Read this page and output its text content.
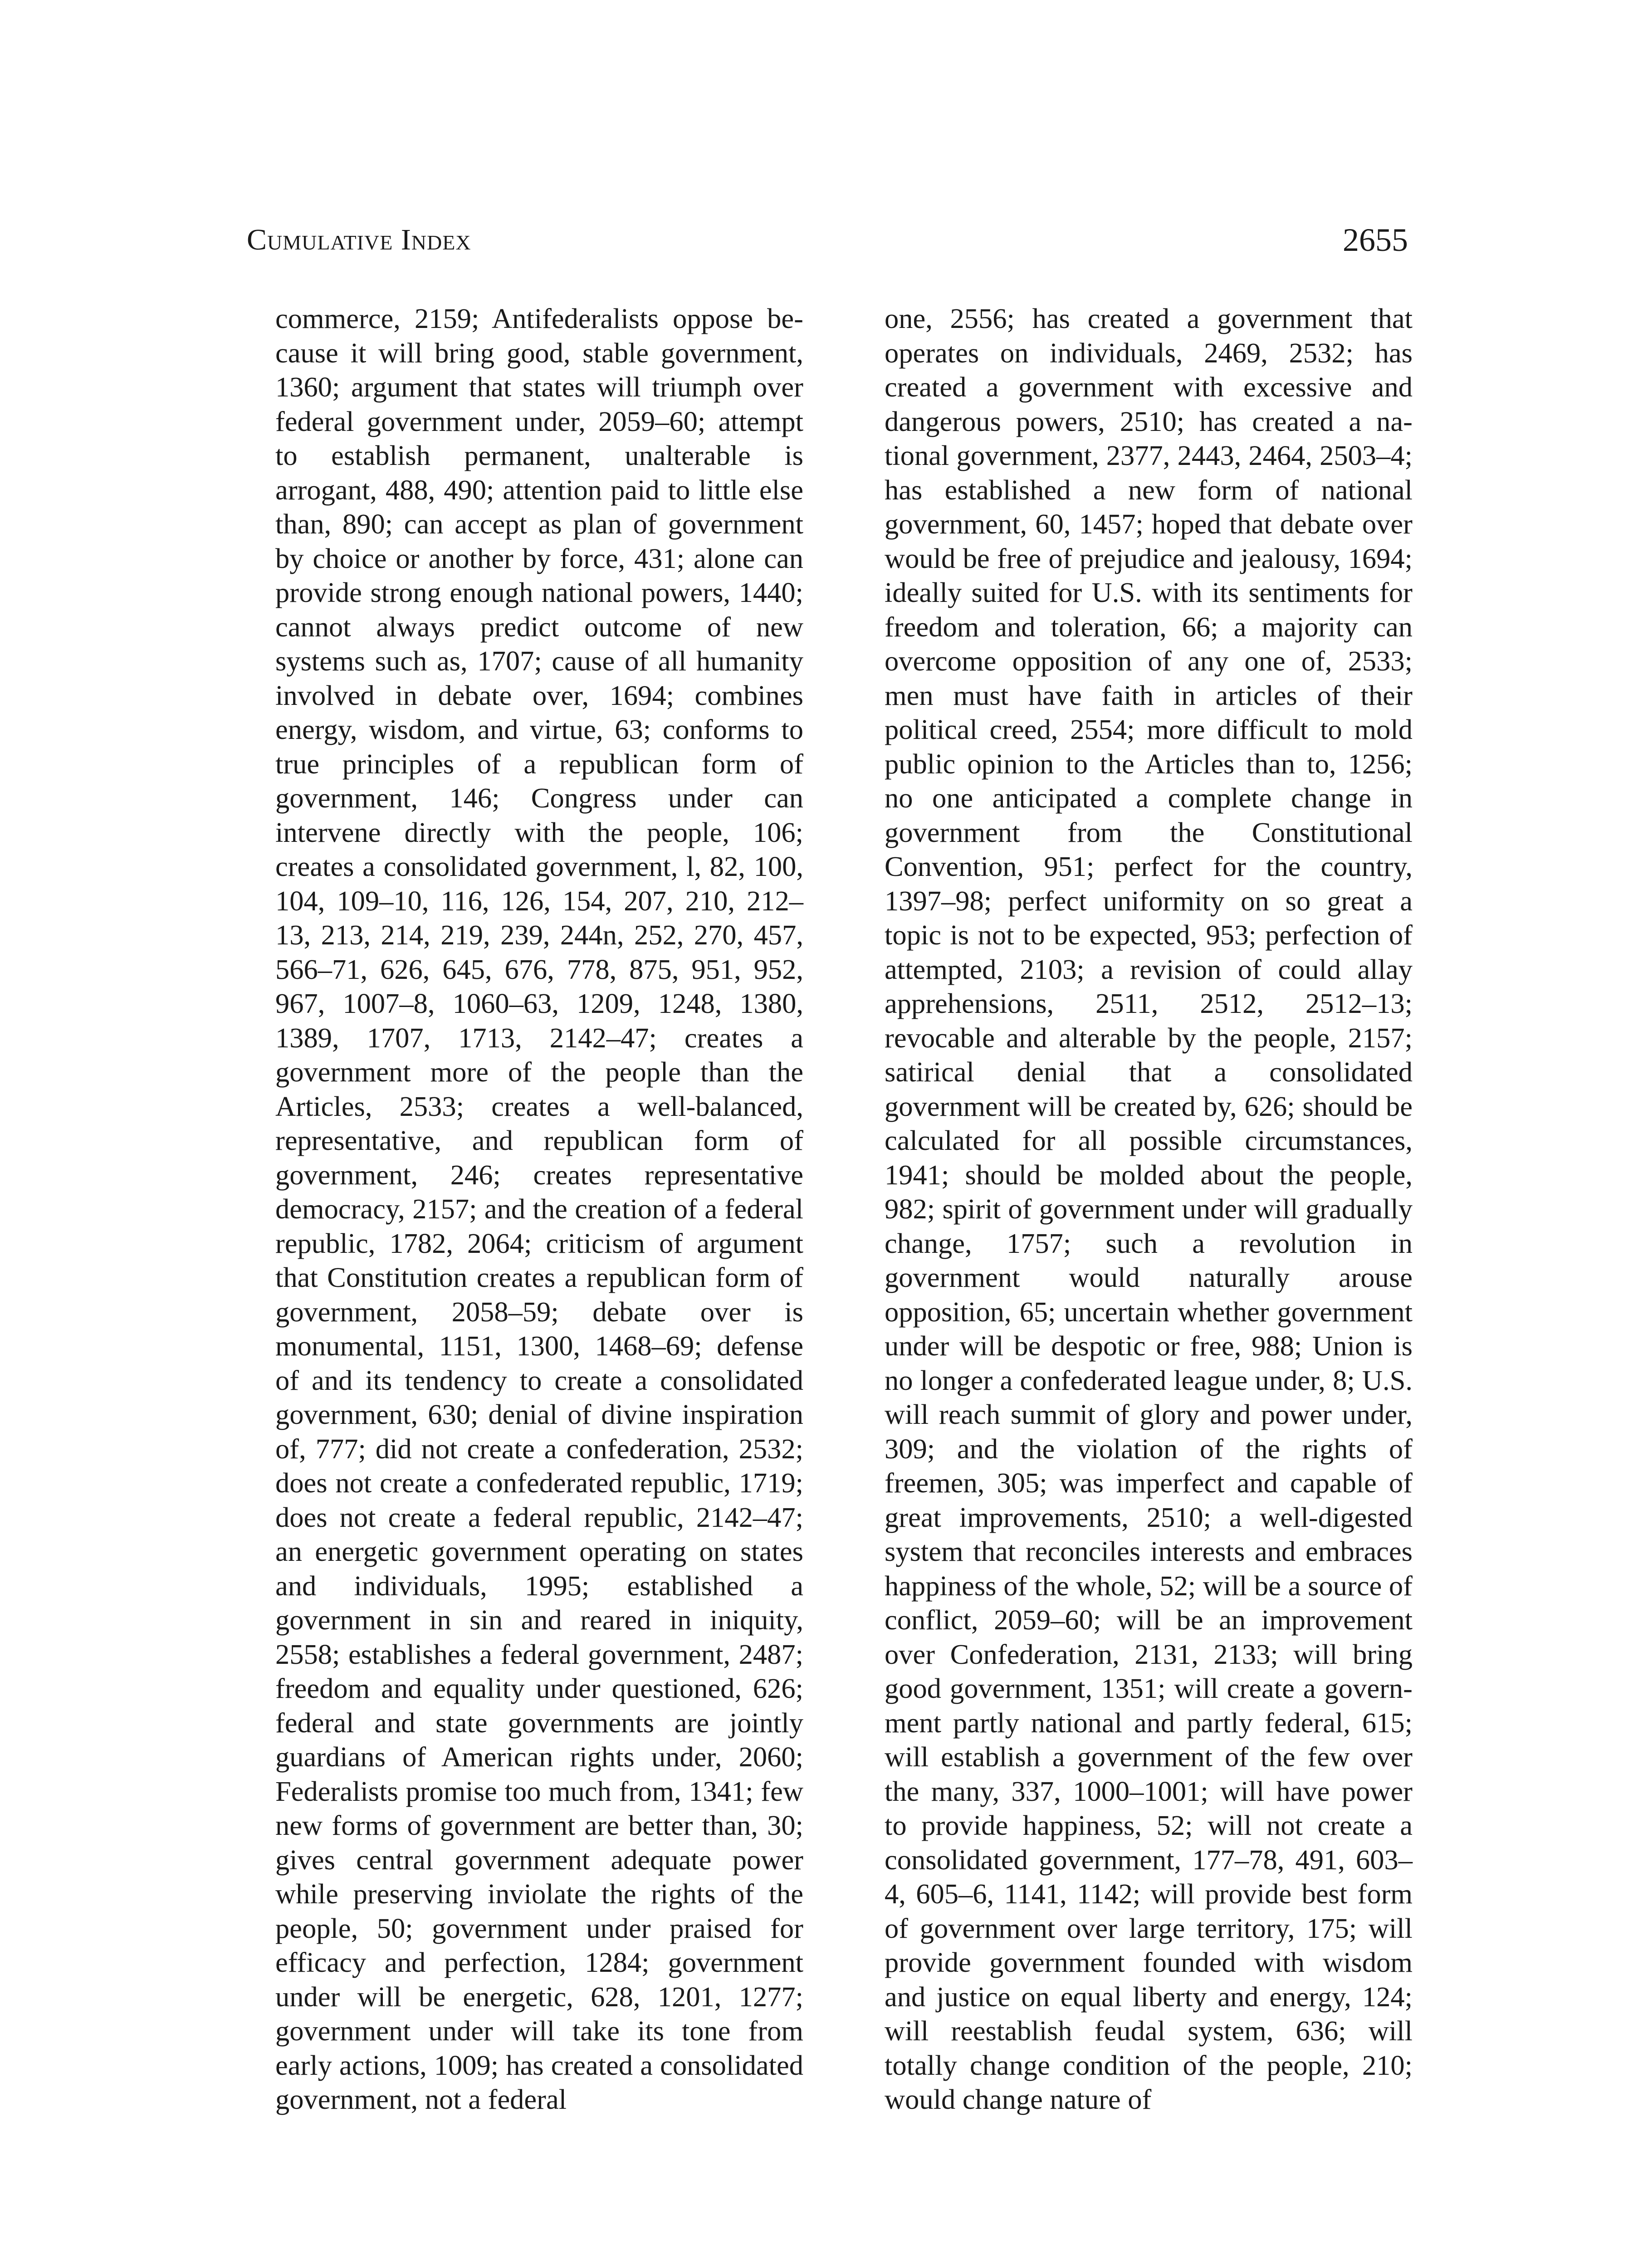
Cumulative Index	2655

commerce, 2159; Antifederalists oppose because it will bring good, stable government, 1360; argument that states will triumph over federal government under, 2059–60; attempt to establish permanent, unalterable is arrogant, 488, 490; attention paid to little else than, 890; can accept as plan of government by choice or another by force, 431; alone can provide strong enough national powers, 1440; cannot always predict outcome of new systems such as, 1707; cause of all humanity involved in debate over, 1694; combines energy, wisdom, and virtue, 63; conforms to true principles of a republican form of government, 146; Congress under can intervene directly with the people, 106; creates a consolidated government, l, 82, 100, 104, 109–10, 116, 126, 154, 207, 210, 212–13, 213, 214, 219, 239, 244n, 252, 270, 457, 566–71, 626, 645, 676, 778, 875, 951, 952, 967, 1007–8, 1060–63, 1209, 1248, 1380, 1389, 1707, 1713, 2142–47; creates a government more of the people than the Articles, 2533; creates a well-balanced, representative, and republican form of government, 246; creates representative democracy, 2157; and the creation of a federal republic, 1782, 2064; criticism of argument that Constitution creates a republican form of government, 2058–59; debate over is monumental, 1151, 1300, 1468–69; defense of and its tendency to create a consolidated government, 630; denial of divine inspiration of, 777; did not create a confederation, 2532; does not create a confederated republic, 1719; does not create a federal republic, 2142–47; an energetic government operating on states and individuals, 1995; established a government in sin and reared in iniquity, 2558; establishes a federal government, 2487; freedom and equality under questioned, 626; federal and state governments are jointly guardians of American rights under, 2060; Federalists promise too much from, 1341; few new forms of government are better than, 30; gives central government adequate power while preserving inviolate the rights of the people, 50; government under praised for efficacy and perfection, 1284; government under will be energetic, 628, 1201, 1277; government under will take its tone from early actions, 1009; has created a consolidated government, not a federal

one, 2556; has created a government that operates on individuals, 2469, 2532; has created a government with excessive and dangerous powers, 2510; has created a national government, 2377, 2443, 2464, 2503–4; has established a new form of national government, 60, 1457; hoped that debate over would be free of prejudice and jealousy, 1694; ideally suited for U.S. with its sentiments for freedom and toleration, 66; a majority can overcome opposition of any one of, 2533; men must have faith in articles of their political creed, 2554; more difficult to mold public opinion to the Articles than to, 1256; no one anticipated a complete change in government from the Constitutional Convention, 951; perfect for the country, 1397–98; perfect uniformity on so great a topic is not to be expected, 953; perfection of attempted, 2103; a revision of could allay apprehensions, 2511, 2512, 2512–13; revocable and alterable by the people, 2157; satirical denial that a consolidated government will be created by, 626; should be calculated for all possible circumstances, 1941; should be molded about the people, 982; spirit of government under will gradually change, 1757; such a revolution in government would naturally arouse opposition, 65; uncertain whether government under will be despotic or free, 988; Union is no longer a confederated league under, 8; U.S. will reach summit of glory and power under, 309; and the violation of the rights of freemen, 305; was imperfect and capable of great improvements, 2510; a well-digested system that reconciles interests and embraces happiness of the whole, 52; will be a source of conflict, 2059–60; will be an improvement over Confederation, 2131, 2133; will bring good government, 1351; will create a government partly national and partly federal, 615; will establish a government of the few over the many, 337, 1000–1001; will have power to provide happiness, 52; will not create a consolidated government, 177–78, 491, 603–4, 605–6, 1141, 1142; will provide best form of government over large territory, 175; will provide government founded with wisdom and justice on equal liberty and energy, 124; will reestablish feudal system, 636; will totally change condition of the people, 210; would change nature of
